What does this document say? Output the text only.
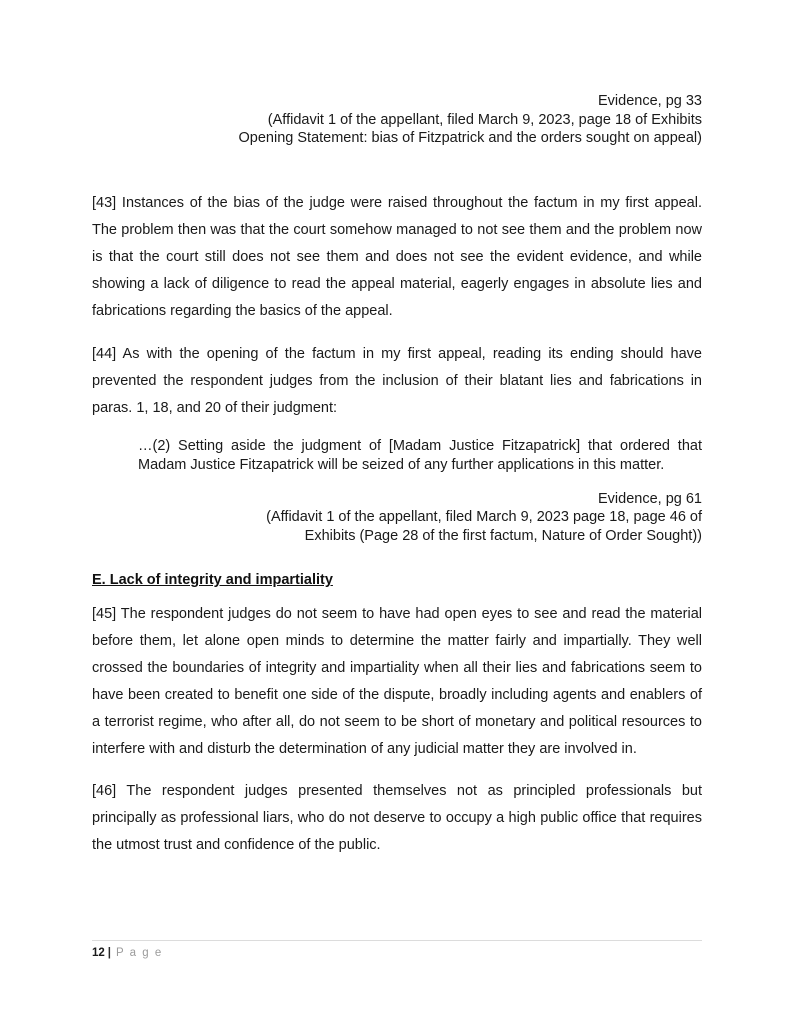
Evidence, pg 33
(Affidavit 1 of the appellant, filed March 9, 2023, page 18 of Exhibits
Opening Statement: bias of Fitzpatrick and the orders sought on appeal)

[43] Instances of the bias of the judge were raised throughout the factum in my first appeal. The problem then was that the court somehow managed to not see them and the problem now is that the court still does not see them and does not see the evident evidence, and while showing a lack of diligence to read the appeal material, eagerly engages in absolute lies and fabrications regarding the basics of the appeal.

[44] As with the opening of the factum in my first appeal, reading its ending should have prevented the respondent judges from the inclusion of their blatant lies and fabrications in paras. 1, 18, and 20 of their judgment:

…(2) Setting aside the judgment of [Madam Justice Fitzapatrick] that ordered that Madam Justice Fitzapatrick will be seized of any further applications in this matter.
Evidence, pg 61
(Affidavit 1 of the appellant, filed March 9, 2023 page 18, page 46 of
Exhibits (Page 28 of the first factum, Nature of Order Sought))
E. Lack of integrity and impartiality

[45] The respondent judges do not seem to have had open eyes to see and read the material before them, let alone open minds to determine the matter fairly and impartially. They well crossed the boundaries of integrity and impartiality when all their lies and fabrications seem to have been created to benefit one side of the dispute, broadly including agents and enablers of a terrorist regime, who after all, do not seem to be short of monetary and political resources to interfere with and disturb the determination of any judicial matter they are involved in.

[46] The respondent judges presented themselves not as principled professionals but principally as professional liars, who do not deserve to occupy a high public office that requires the utmost trust and confidence of the public.

12 | P a g e
